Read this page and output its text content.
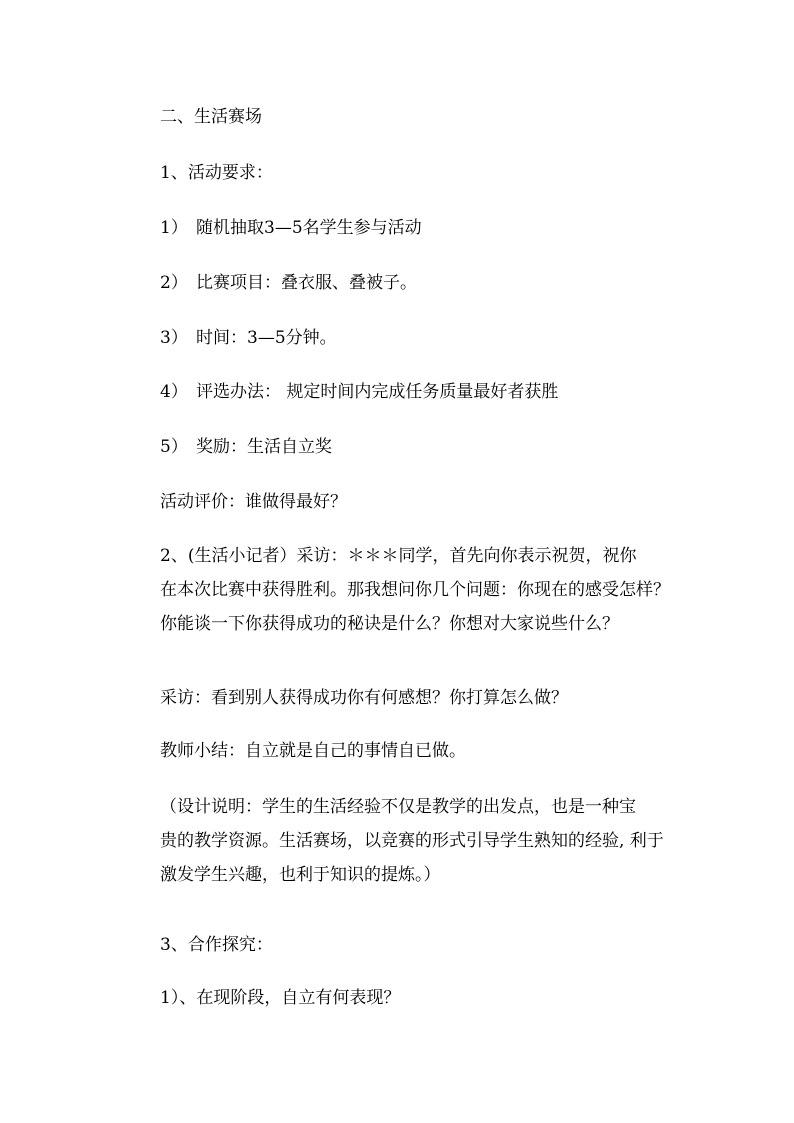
二、生活赛场

1、活动要求：

1） 随机抽取3—5名学生参与活动

2） 比赛项目：叠衣服、叠被子。

3） 时间：3—5分钟。

4） 评选办法： 规定时间内完成任务质量最好者获胜

5） 奖励：生活自立奖

活动评价：谁做得最好？

2、(生活小记者）采访：＊＊＊同学，首先向你表示祝贺，祝你
在本次比赛中获得胜利。那我想问你几个问题：你现在的感受怎样？
你能谈一下你获得成功的秘诀是什么？你想对大家说些什么？

采访：看到别人获得成功你有何感想？你打算怎么做？

教师小结：自立就是自己的事情自已做。

（设计说明：学生的生活经验不仅是教学的出发点，也是一种宝
贵的教学资源。生活赛场，以竞赛的形式引导学生熟知的经验, 利于
激发学生兴趣，也利于知识的提炼。）

3、合作探究：

1）、在现阶段，自立有何表现？
